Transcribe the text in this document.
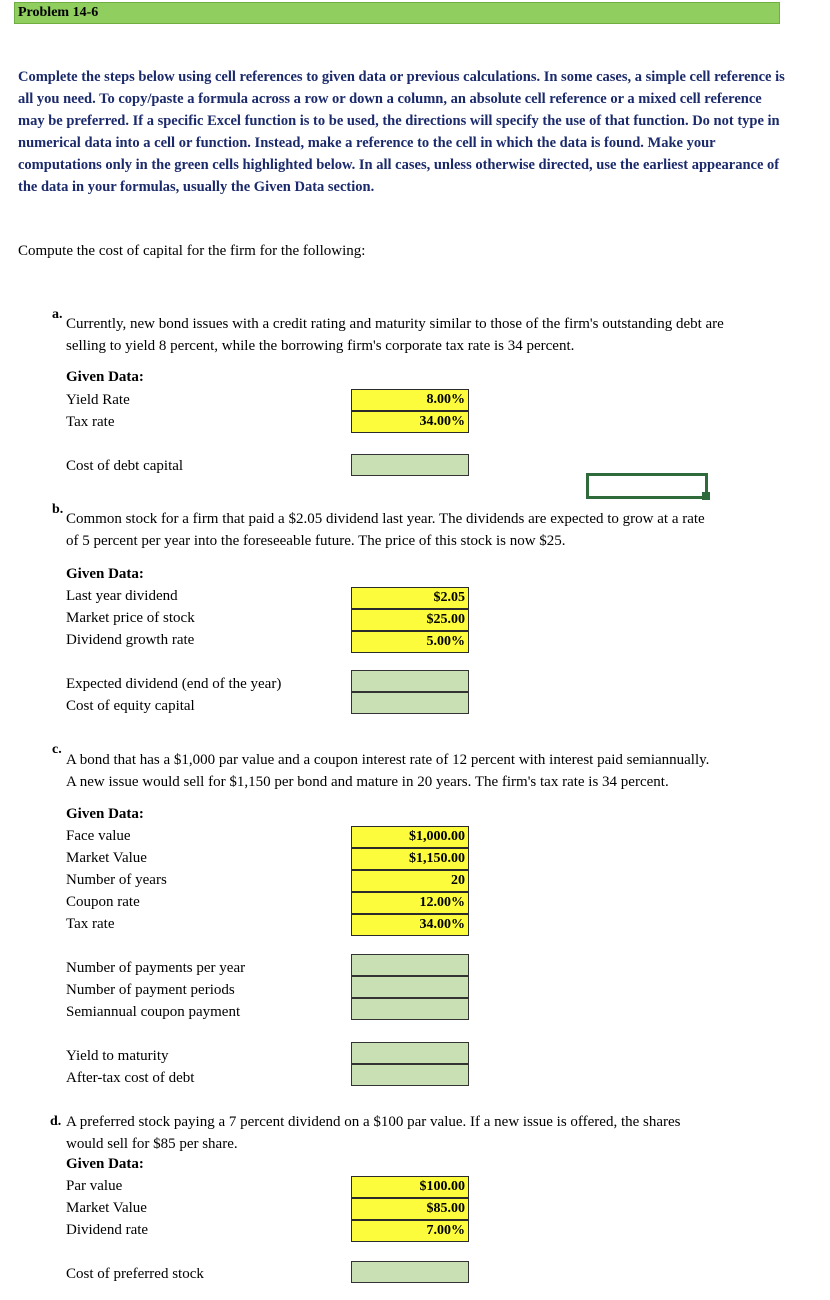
Problem 14-6
Complete the steps below using cell references to given data or previous calculations. In some cases, a simple cell reference is all you need. To copy/paste a formula across a row or down a column, an absolute cell reference or a mixed cell reference may be preferred. If a specific Excel function is to be used, the directions will specify the use of that function. Do not type in numerical data into a cell or function. Instead, make a reference to the cell in which the data is found. Make your computations only in the green cells highlighted below. In all cases, unless otherwise directed, use the earliest appearance of the data in your formulas, usually the Given Data section.
Compute the cost of capital for the firm for the following:
a.
Currently, new bond issues with a credit rating and maturity similar to those of the firm's outstanding debt are
selling to yield 8 percent, while the borrowing firm's corporate tax rate is 34 percent.
Given Data:
Yield Rate
Tax rate
8.00%
34.00%
Cost of debt capital
b.
Common stock for a firm that paid a $2.05 dividend last year. The dividends are expected to grow at a rate
of 5 percent per year into the foreseeable future. The price of this stock is now $25.
Given Data:
Last year dividend
Market price of stock
Dividend growth rate
$2.05
$25.00
5.00%
Expected dividend (end of the year)
Cost of equity capital
c.
A bond that has a $1,000 par value and a coupon interest rate of 12 percent with interest paid semiannually.
A new issue would sell for $1,150 per bond and mature in 20 years. The firm's tax rate is 34 percent.
Given Data:
Face value
Market Value
Number of years
Coupon rate
Tax rate
$1,000.00
$1,150.00
20
12.00%
34.00%
Number of payments per year
Number of payment periods
Semiannual coupon payment
Yield to maturity
After-tax cost of debt
d. A preferred stock paying a 7 percent dividend on a $100 par value. If a new issue is offered, the shares
would sell for $85 per share.
Given Data:
Par value
Market Value
Dividend rate
$100.00
$85.00
7.00%
Cost of preferred stock
